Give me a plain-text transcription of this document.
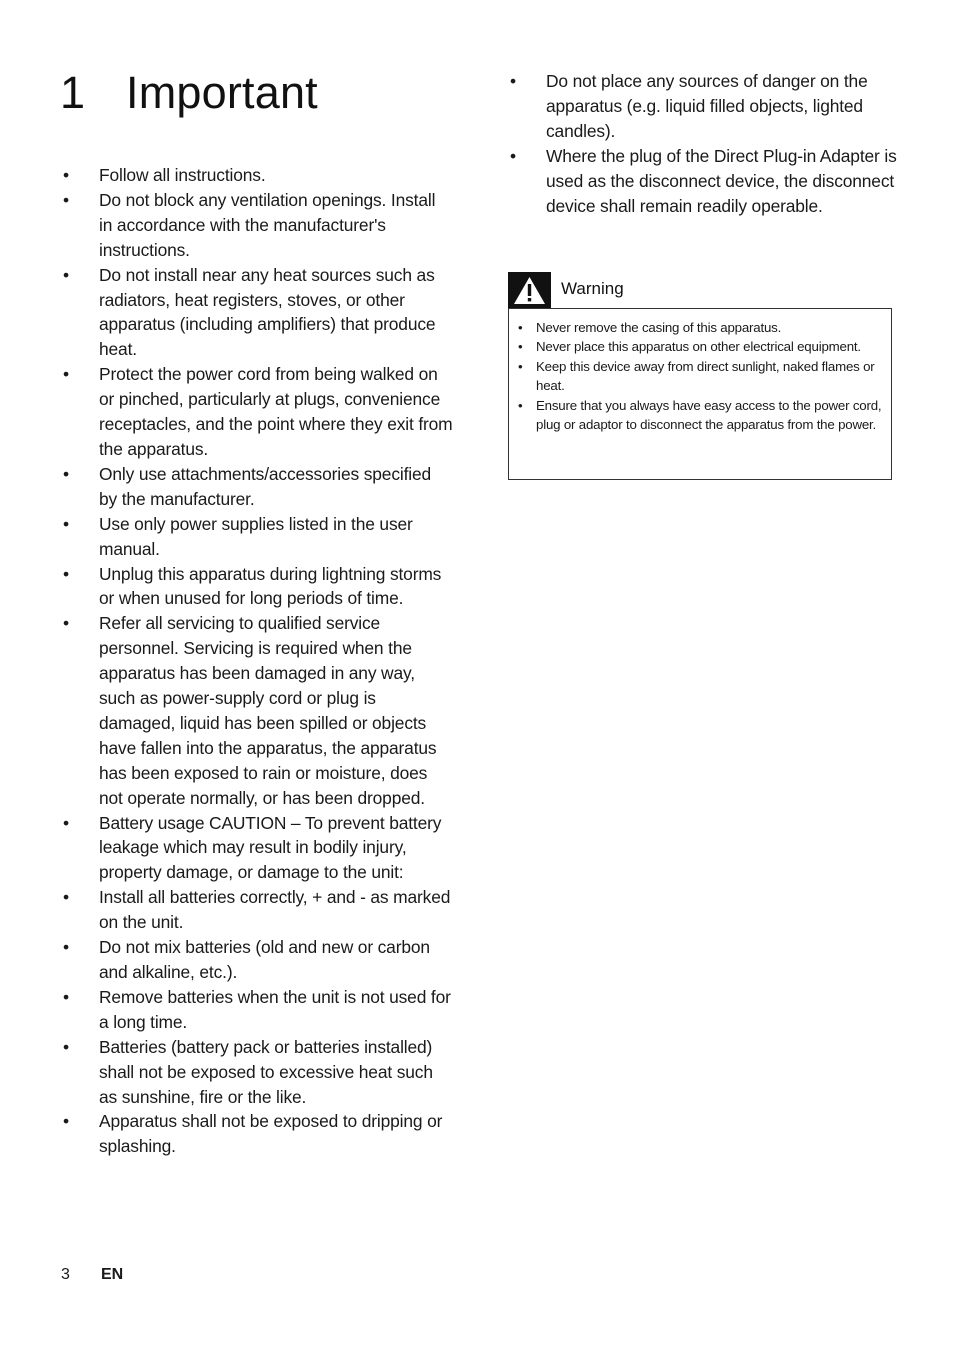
1 Important
• Follow all instructions.
• Do not block any ventilation openings. Install in accordance with the manufacturer's instructions.
• Do not install near any heat sources such as radiators, heat registers, stoves, or other apparatus (including amplifiers) that produce heat.
• Protect the power cord from being walked on or pinched, particularly at plugs, convenience receptacles, and the point where they exit from the apparatus.
• Only use attachments/accessories specified by the manufacturer.
• Use only power supplies listed in the user manual.
• Unplug this apparatus during lightning storms or when unused for long periods of time.
• Refer all servicing to qualified service personnel. Servicing is required when the apparatus has been damaged in any way, such as power-supply cord or plug is damaged, liquid has been spilled or objects have fallen into the apparatus, the apparatus has been exposed to rain or moisture, does not operate normally, or has been dropped.
• Battery usage CAUTION – To prevent battery leakage which may result in bodily injury, property damage, or damage to the unit:
• Install all batteries correctly, + and - as marked on the unit.
• Do not mix batteries (old and new or carbon and alkaline, etc.).
• Remove batteries when the unit is not used for a long time.
• Batteries (battery pack or batteries installed) shall not be exposed to excessive heat such as sunshine, fire or the like.
• Apparatus shall not be exposed to dripping or splashing.
• Do not place any sources of danger on the apparatus (e.g. liquid filled objects, lighted candles).
• Where the plug of the Direct Plug-in Adapter is used as the disconnect device, the disconnect device shall remain readily operable.
Warning
• Never remove the casing of this apparatus.
• Never place this apparatus on other electrical equipment.
• Keep this device away from direct sunlight, naked flames or heat.
• Ensure that you always have easy access to the power cord, plug or adaptor to disconnect the apparatus from the power.
3 EN
